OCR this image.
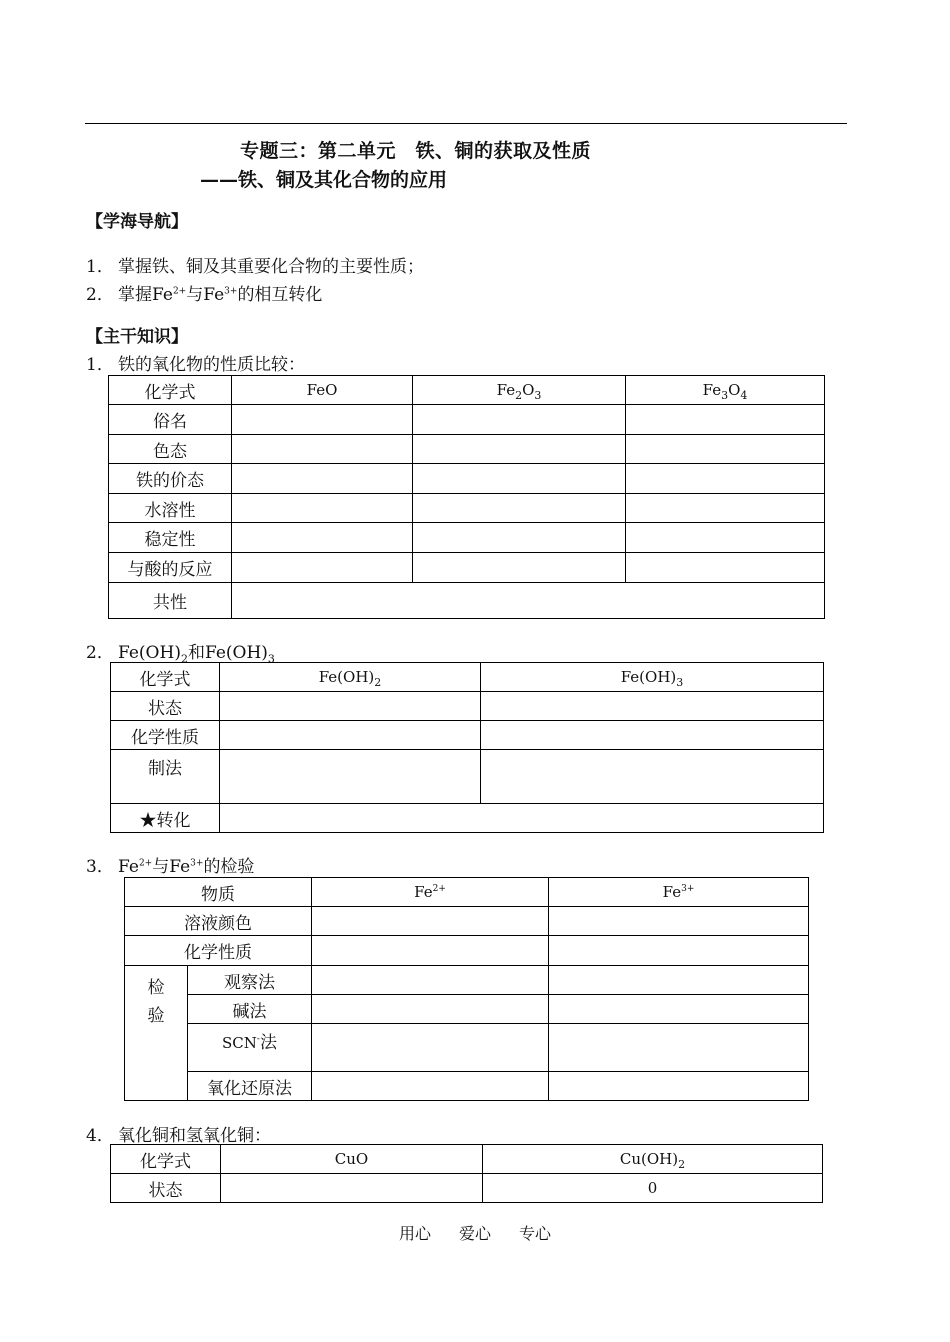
专题三：第二单元　铁、铜的获取及性质
——铁、铜及其化合物的应用
【学海导航】
1． 掌握铁、铜及其重要化合物的主要性质；
2． 掌握$Fe^{2+}$与$Fe^{3+}$的相互转化
【主干知识】
1． 铁的氧化物的性质比较：
化学式	FeO	$Fe_2O_3$	$Fe_3O_4$
俗名			
色态			
铁的价态			
水溶性			
稳定性			
与酸的反应			
共性			
2． $Fe(OH)_2$和$Fe(OH)_3$
化学式	$Fe(OH)_2$	$Fe(OH)_3$
状态		
化学性质		
制法		
★转化		
3． $Fe^{2+}$与$Fe^{3+}$的检验
物质		$Fe^{2+}$	$Fe^{3+}$
溶液颜色			
化学性质			
检
验	观察法		
	碱法		
	SCN-法		
	氧化还原法		
4． 氧化铜和氢氧化铜：
化学式	CuO	$Cu(OH)_2$
状态		0
用心 爱心 专心
